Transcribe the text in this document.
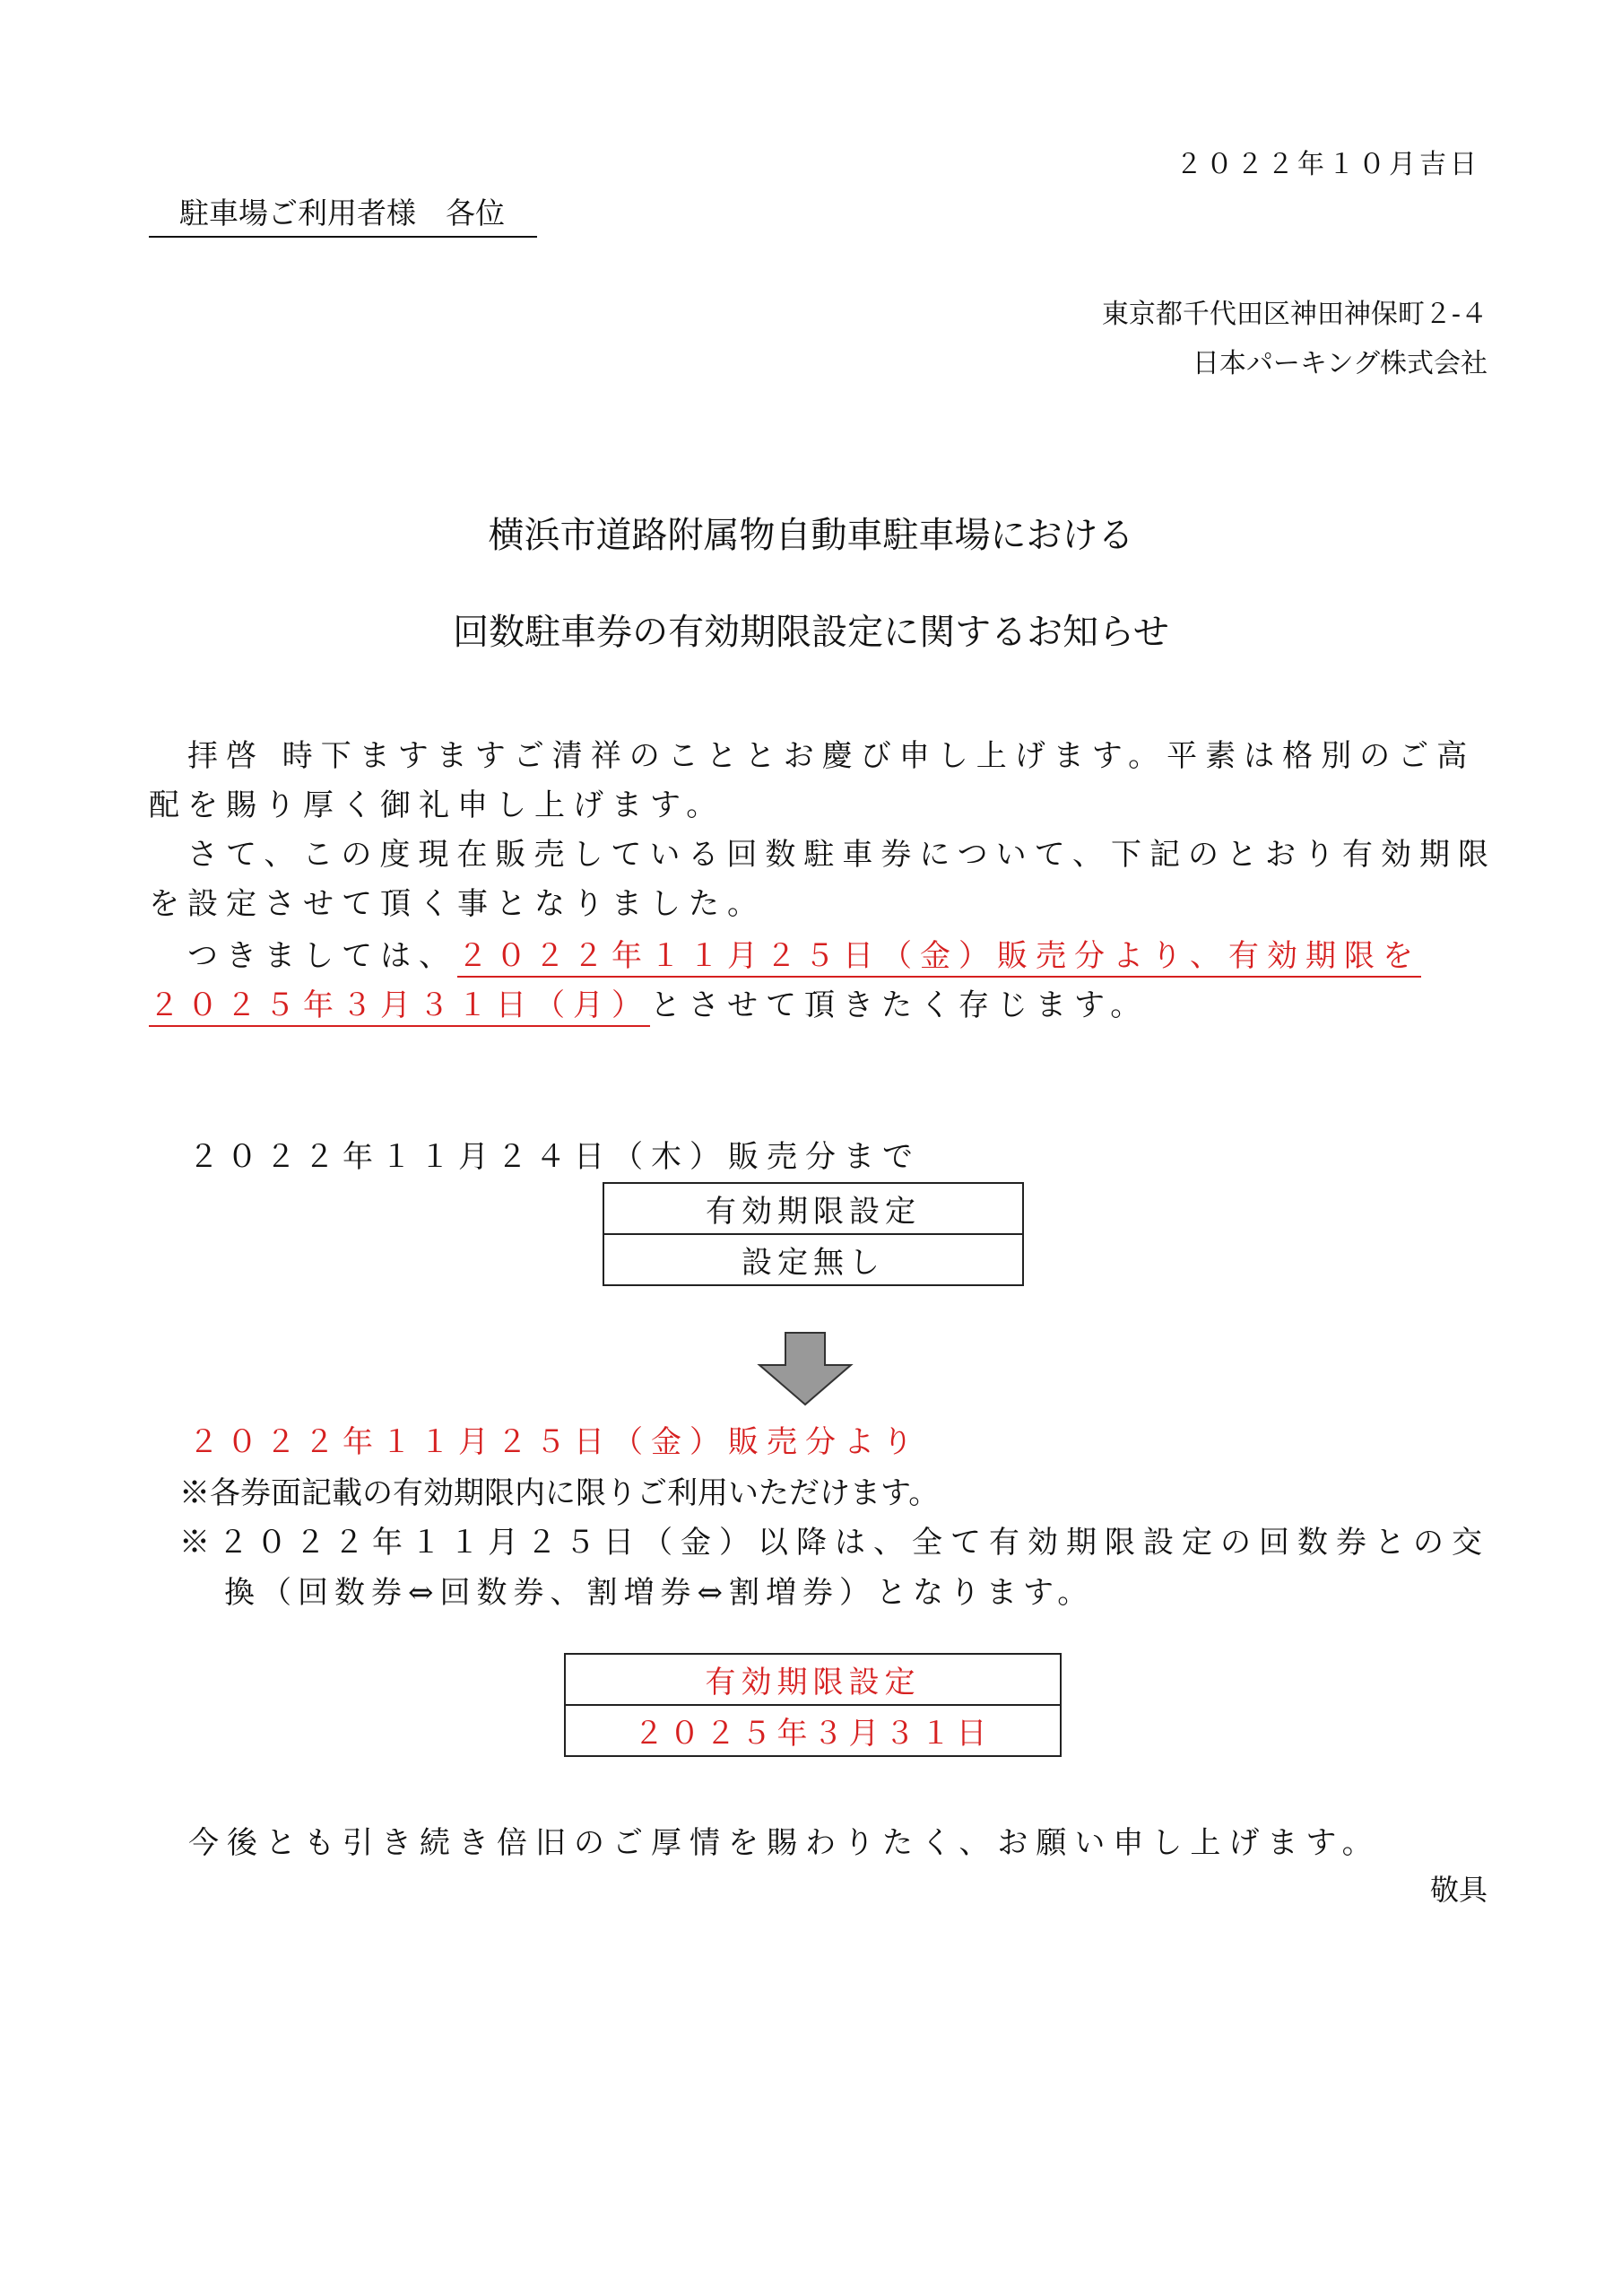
２０２２年１０月吉日
駐車場ご利用者様　各位
東京都千代田区神田神保町２-４
日本パーキング株式会社
横浜市道路附属物自動車駐車場における
回数駐車券の有効期限設定に関するお知らせ
　拝啓 時下ますますご清祥のこととお慶び申し上げます。平素は格別のご高
配を賜り厚く御礼申し上げます。
　さて、この度現在販売している回数駐車券について、下記のとおり有効期限
を設定させて頂く事となりました。
　つきましては、２０２２年１１月２５日（金）販売分より、有効期限を
２０２５年３月３１日（月）とさせて頂きたく存じます。
２０２２年１１月２４日（木）販売分まで
有効期限設定
設定無し
２０２２年１１月２５日（金）販売分より
※各券面記載の有効期限内に限りご利用いただけます。
※２０２２年１１月２５日（金）以降は、全て有効期限設定の回数券との交
換（回数券⇔回数券、割増券⇔割増券）となります。
有効期限設定
２０２５年３月３１日
今後とも引き続き倍旧のご厚情を賜わりたく、お願い申し上げます。
敬具
